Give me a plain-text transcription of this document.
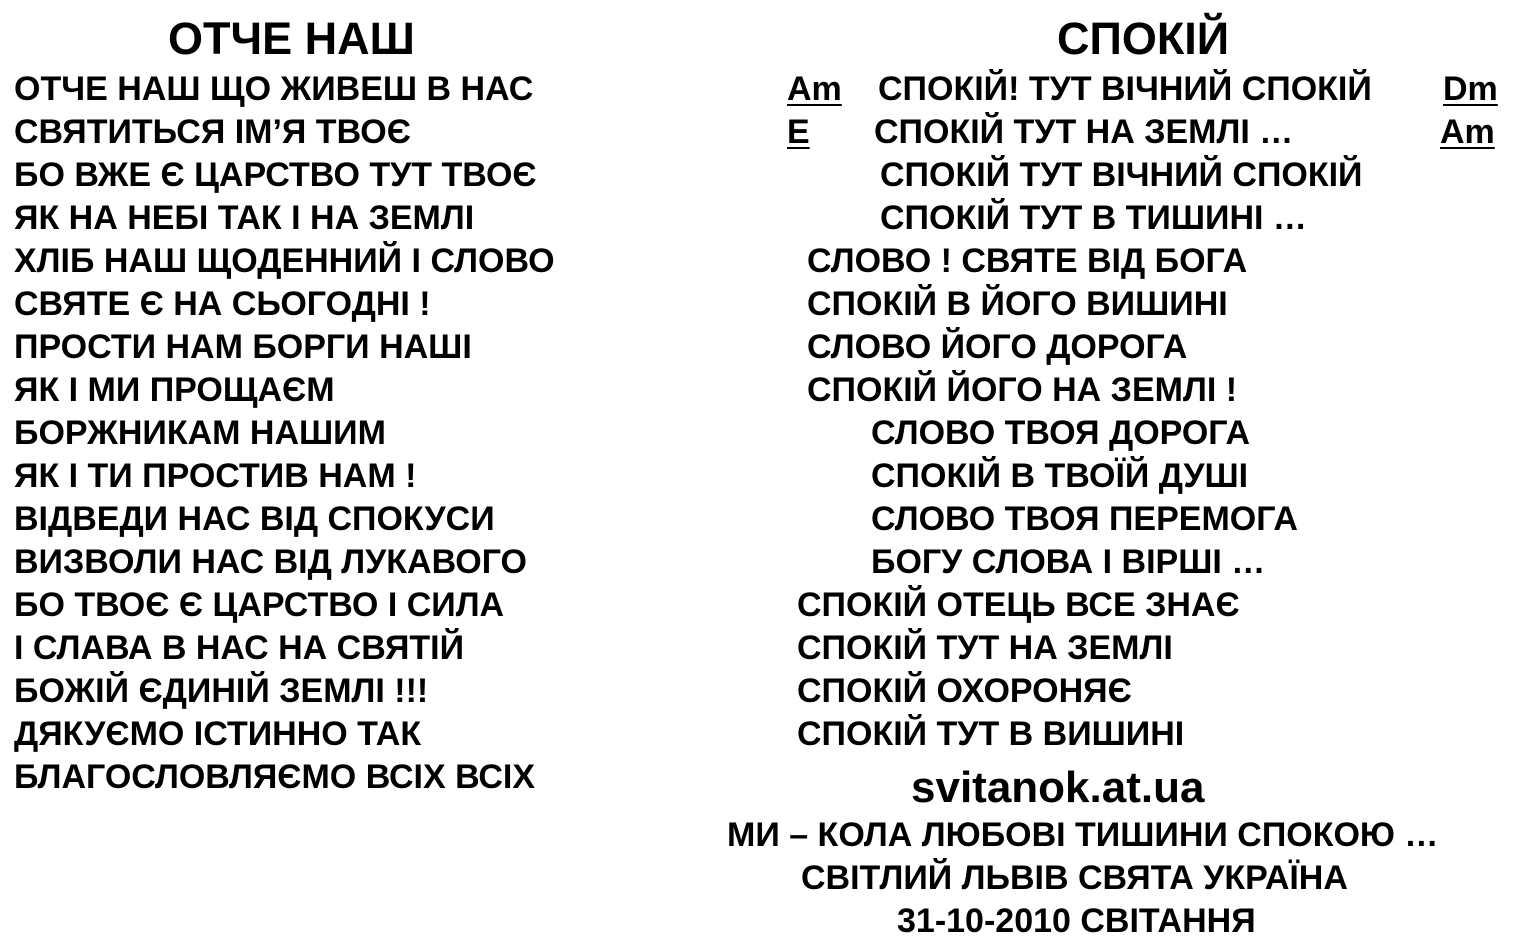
ОТЧЕ НАШ
ОТЧЕ НАШ ЩО ЖИВЕШ В НАС
СВЯТИТЬСЯ ІМ’Я ТВОЄ
БО ВЖЕ Є ЦАРСТВО ТУТ ТВОЄ
ЯК НА НЕБІ ТАК І НА ЗЕМЛІ
ХЛІБ НАШ ЩОДЕННИЙ І СЛОВО
СВЯТЕ Є НА СЬОГОДНІ !
ПРОСТИ НАМ БОРГИ НАШІ
ЯК І МИ ПРОЩАЄМ
БОРЖНИКАМ НАШИМ
ЯК І ТИ ПРОСТИВ НАМ !
ВІДВЕДИ НАС ВІД СПОКУСИ
ВИЗВОЛИ НАС ВІД ЛУКАВОГО
БО ТВОЄ Є ЦАРСТВО І СИЛА
І СЛАВА В НАС НА СВЯТІЙ
БОЖІЙ ЄДИНІЙ ЗЕМЛІ !!!
ДЯКУЄМО ІСТИННО ТАК
БЛАГОСЛОВЛЯЄМО ВСІХ ВСІХ
СПОКІЙ
Am СПОКІЙ! ТУТ ВІЧНИЙ СПОКІЙ Dm
E СПОКІЙ ТУТ НА ЗЕМЛІ …	Am
СПОКІЙ ТУТ ВІЧНИЙ СПОКІЙ
СПОКІЙ ТУТ В ТИШИНІ …
СЛОВО ! СВЯТЕ ВІД БОГА
СПОКІЙ В ЙОГО ВИШИНІ
СЛОВО ЙОГО ДОРОГА
СПОКІЙ ЙОГО НА ЗЕМЛІ !
СЛОВО ТВОЯ ДОРОГА
СПОКІЙ В ТВОЇЙ ДУШІ
СЛОВО ТВОЯ ПЕРЕМОГА
БОГУ СЛОВА І ВІРШІ …
СПОКІЙ ОТЕЦЬ ВСЕ ЗНАЄ
СПОКІЙ ТУТ НА ЗЕМЛІ
СПОКІЙ ОХОРОНЯЄ
СПОКІЙ ТУТ В ВИШИНІ
svitanok.at.ua
МИ – КОЛА ЛЮБОВІ ТИШИНИ СПОКОЮ …
СВІТЛИЙ ЛЬВІВ СВЯТА УКРАЇНА
31-10-2010 СВІТАННЯ
